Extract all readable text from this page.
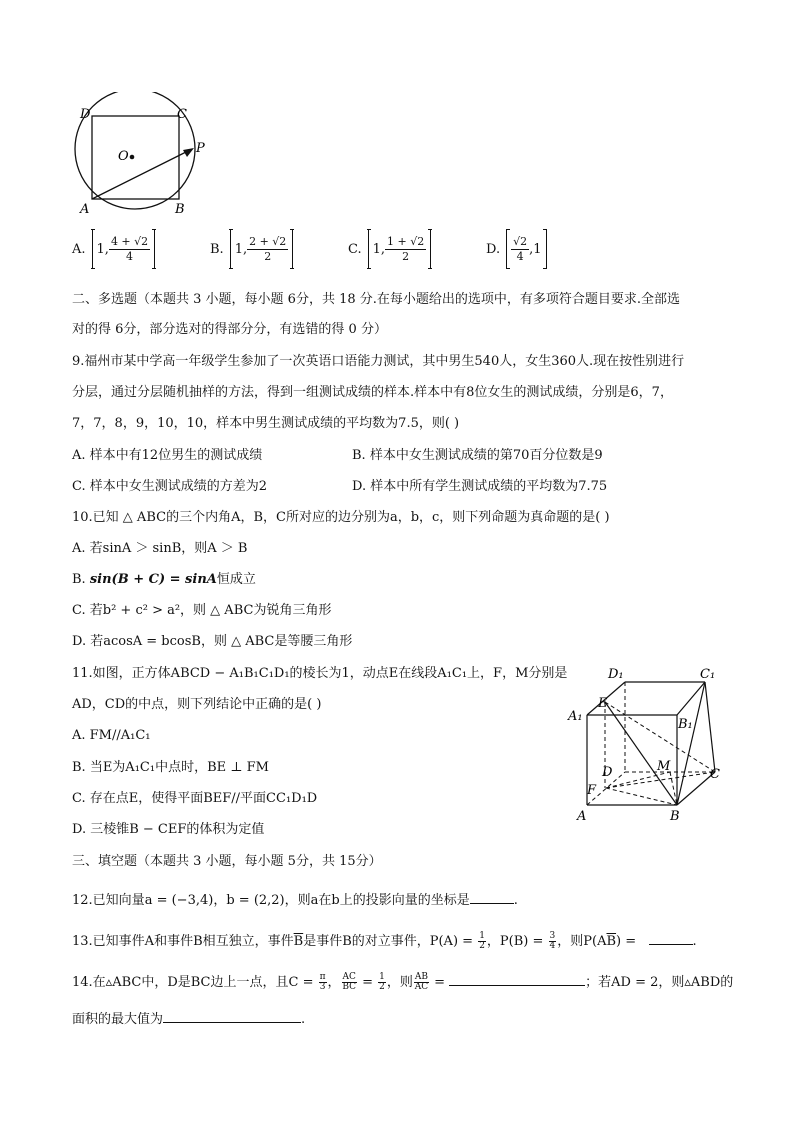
D	C
O
P
A	B
A. 1, $\frac{4 + √2}{4}$	B. 1, $\frac{2 + √2}{2}$	C. 1, $\frac{1 + √2}{2}$	D. $\frac{√2}{4} ,1$
二、多选题（本题共 3 小题，每小题 6分，共 18 分.在每小题给出的选项中，有多项符合题目要求.全部选
对的得 6分，部分选对的得部分分，有选错的得 0 分）
9.福州市某中学高一年级学生参加了一次英语口语能力测试，其中男生540人，女生360人.现在按性别进行
分层，通过分层随机抽样的方法，得到一组测试成绩的样本.样本中有8位女生的测试成绩，分别是6，7，
7，7，8，9，10，10，样本中男生测试成绩的平均数为7.5，则( )
A. 样本中有12位男生的测试成绩	B. 样本中女生测试成绩的第70百分位数是9
C. 样本中女生测试成绩的方差为2	D. 样本中所有学生测试成绩的平均数为7.75
10.已知 △ ABC的三个内角A，B，C所对应的边分别为a，b，c，则下列命题为真命题的是( )
A. 若sinA ＞ sinB，则A ＞ B
B. sin(B + C) = sinA恒成立
C. 若b² + c² > a²，则 △ ABC为锐角三角形
D. 若acosA = bcosB，则 △ ABC是等腰三角形
11.如图，正方体ABCD − A₁B₁C₁D₁的棱长为1，动点E在线段A₁C₁上，F，M分别是
AD，CD的中点，则下列结论中正确的是( )
A. FM//A₁C₁
B. 当E为A₁C₁中点时，BE ⊥ FM
C. 存在点E，使得平面BEF//平面CC₁D₁D
D. 三棱锥B − CEF的体积为定值
D₁	C₁
A₁
E
B₁
D	M
C
F
A	B
三、填空题（本题共 3 小题，每小题 5分，共 15分）
12.已知向量a = (−3,4)，b = (2,2)，则a在b上的投影向量的坐标是	.
13.已知事件A和事件B相互独立，事件$\overline{B}$是事件B的对立事件，$P(A) = \frac{1}{2}$ ，$P(B) = \frac{3}{4}$ ，则$P(A\overline{B})$ =	.
14.在▵ABC中，D是BC边上一点，且$C = \frac{\pi}{3}$ ， $\frac{AC}{BC} = \frac{1}{2}$ ，则 $\frac{AB}{AC}$ =	；若AD = 2，则▵ABD的
面积的最大值为	.
